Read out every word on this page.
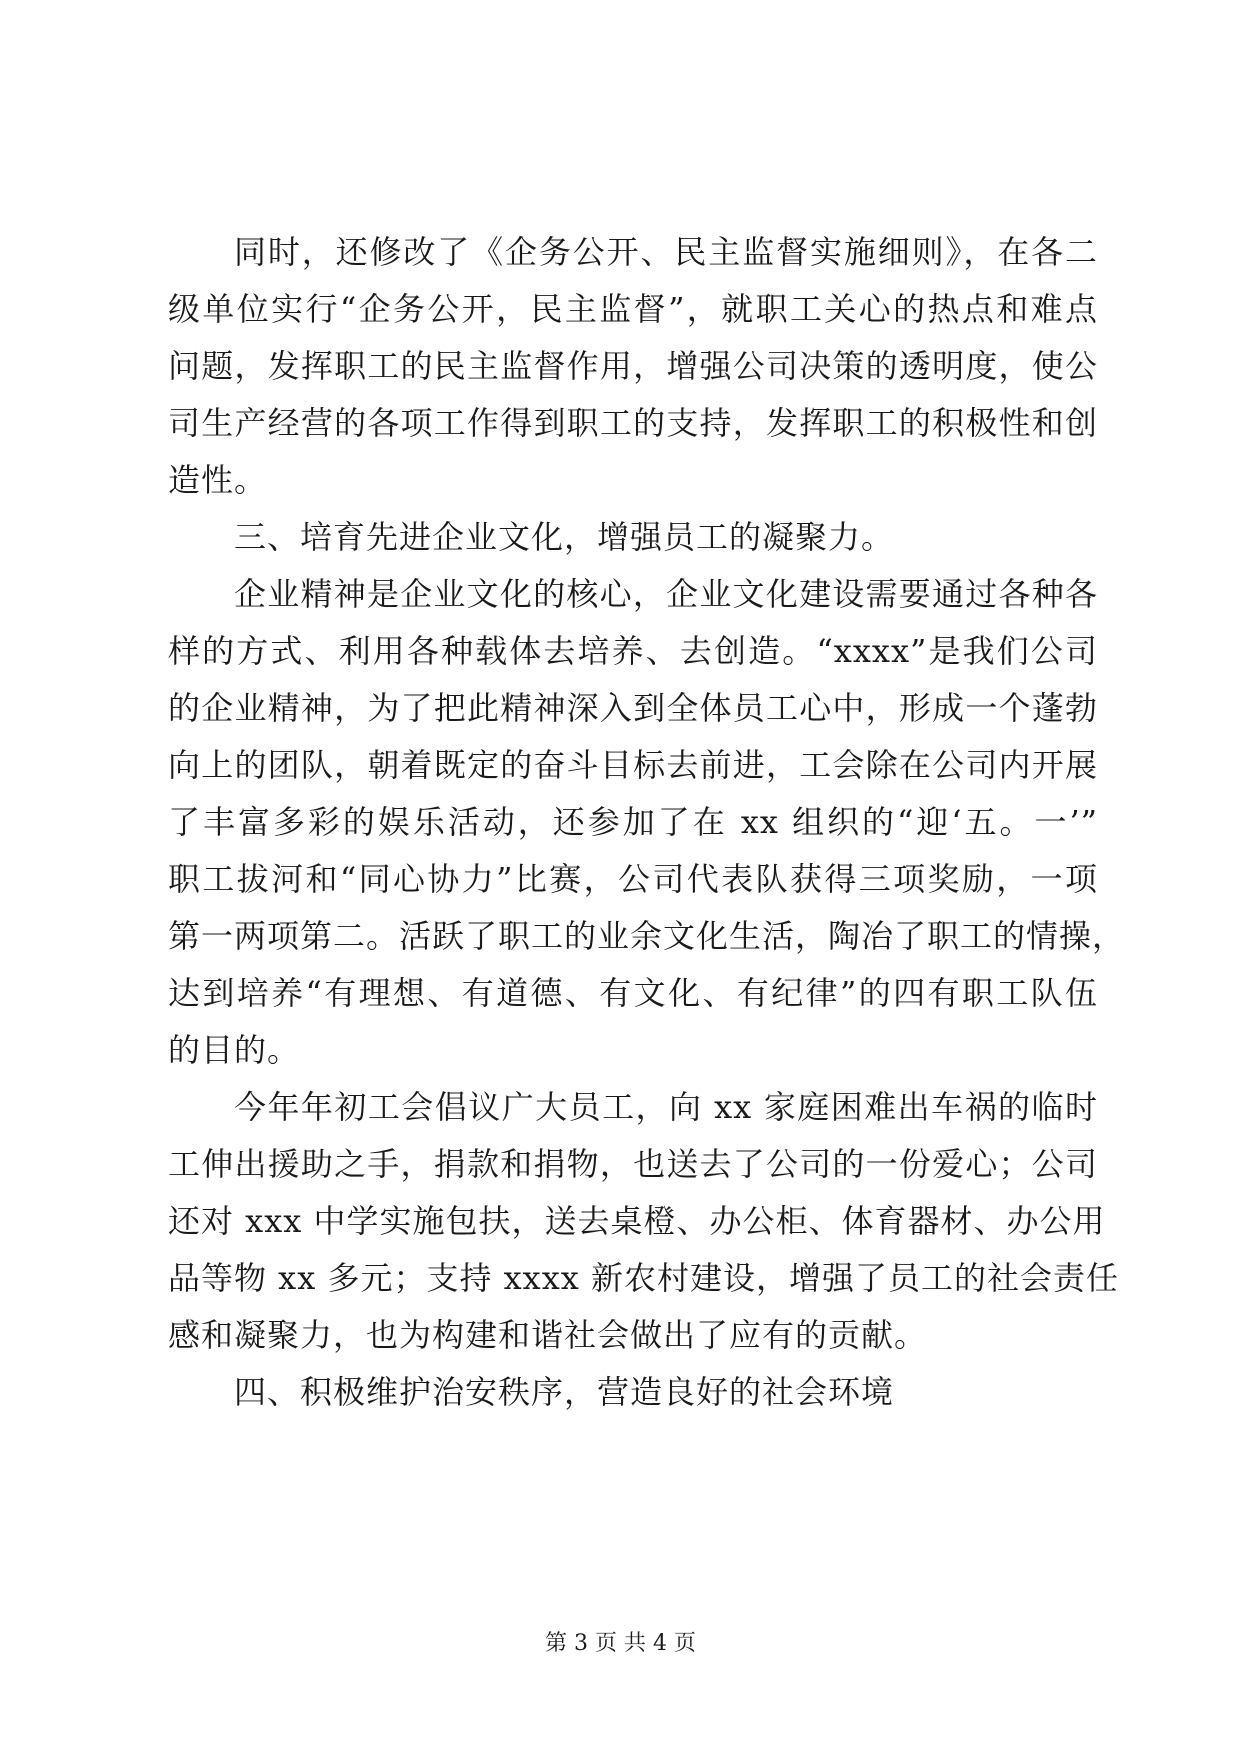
同时，还修改了《企务公开、民主监督实施细则》，在各二
级单位实行“企务公开，民主监督”，就职工关心的热点和难点
问题，发挥职工的民主监督作用，增强公司决策的透明度，使公
司生产经营的各项工作得到职工的支持，发挥职工的积极性和创
造性。
三、培育先进企业文化，增强员工的凝聚力。
企业精神是企业文化的核心，企业文化建设需要通过各种各
样的方式、利用各种载体去培养、去创造。“xxxx”是我们公司
的企业精神，为了把此精神深入到全体员工心中，形成一个蓬勃
向上的团队，朝着既定的奋斗目标去前进，工会除在公司内开展
了丰富多彩的娱乐活动，还参加了在 xx 组织的“迎‘五。一’”
职工拔河和“同心协力”比赛，公司代表队获得三项奖励，一项
第一两项第二。活跃了职工的业余文化生活，陶冶了职工的情操，
达到培养“有理想、有道德、有文化、有纪律”的四有职工队伍
的目的。
今年年初工会倡议广大员工，向 xx 家庭困难出车祸的临时
工伸出援助之手，捐款和捐物，也送去了公司的一份爱心；公司
还对 xxx 中学实施包扶，送去桌橙、办公柜、体育器材、办公用
品等物 xx 多元；支持 xxxx 新农村建设，增强了员工的社会责任
感和凝聚力，也为构建和谐社会做出了应有的贡献。
四、积极维护治安秩序，营造良好的社会环境
第 3 页 共 4 页
